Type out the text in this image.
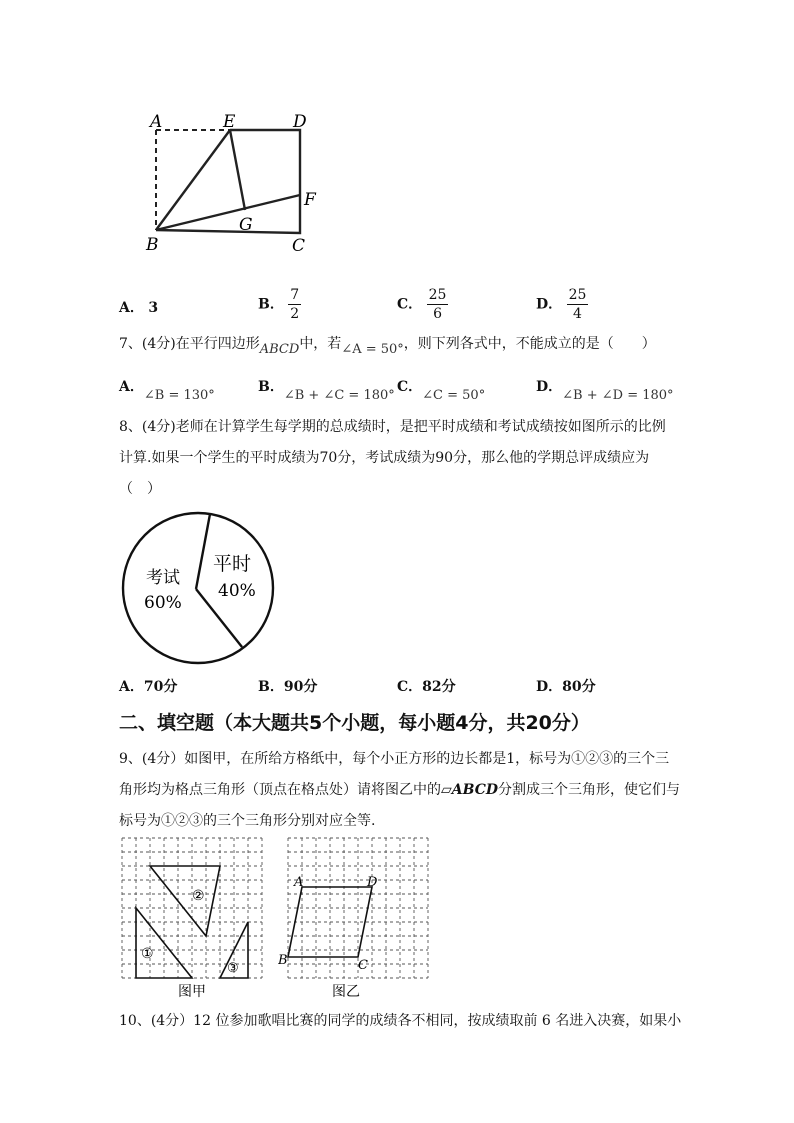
A	E	D
F
G
B	C
A． 3	B． $\frac{7}{2}$	C． $\frac{25}{6}$	D． $\frac{25}{4}$
7、(4分)在平行四边形ABCD中，若∠A = 50°，则下列各式中，不能成立的是（　　）
A．∠B = 130°
B．∠B + ∠C = 180°
C．∠C = 50°
D．∠B + ∠D = 180°
8、(4分)老师在计算学生每学期的总成绩时，是把平时成绩和考试成绩按如图所示的比例
计算.如果一个学生的平时成绩为70分，考试成绩为90分，那么他的学期总评成绩应为
（　）
考试
60%
平时
40%
A．70分	B．90分	C．82分	D．80分
二、填空题（本大题共5个小题，每小题4分，共20分）
9、(4分）如图甲，在所给方格纸中，每个小正方形的边长都是1，标号为①②③的三个三
角形均为格点三角形（顶点在格点处）请将图乙中的▱ABCD分割成三个三角形，使它们与
标号为①②③的三个三角形分别对应全等.
①
②
③
图甲
A	D
B	C
图乙
10、(4分）12 位参加歌唱比赛的同学的成绩各不相同，按成绩取前 6 名进入决赛，如果小
